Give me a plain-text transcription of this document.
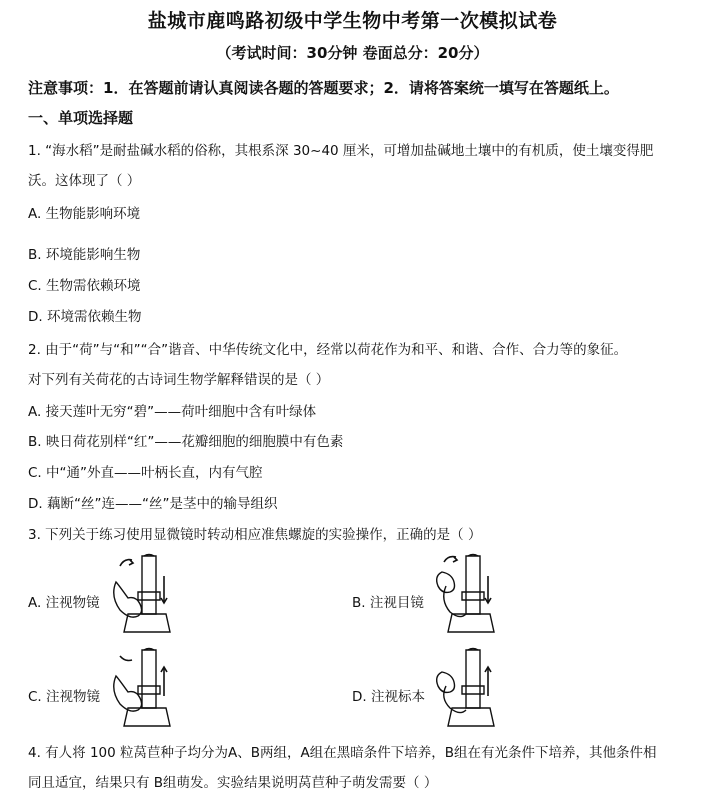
盐城市鹿鸣路初级中学生物中考第一次模拟试卷
（考试时间：30分钟 卷面总分：20分）
注意事项：1．在答题前请认真阅读各题的答题要求；2．请将答案统一填写在答题纸上。
一、单项选择题
1. “海水稻”是耐盐碱水稻的俗称，其根系深 30~40 厘米，可增加盐碱地土壤中的有机质，使土壤变得肥
沃。这体现了（ ）
A. 生物能影响环境
B. 环境能影响生物
C. 生物需依赖环境
D. 环境需依赖生物
2. 由于“荷”与“和”“合”谐音、中华传统文化中，经常以荷花作为和平、和谐、合作、合力等的象征。
对下列有关荷花的古诗词生物学解释错误的是（ ）
A. 接天莲叶无穷“碧”——荷叶细胞中含有叶绿体
B. 映日荷花别样“红”——花瓣细胞的细胞膜中有色素
C. 中“通”外直——叶柄长直，内有气腔
D. 藕断“丝”连——“丝”是茎中的输导组织
3. 下列关于练习使用显微镜时转动相应准焦螺旋的实验操作，正确的是（ ）
A. 注视物镜	B. 注视目镜
C. 注视物镜	D. 注视标本
4. 有人将 100 粒莴苣种子均分为A、B两组，A组在黑暗条件下培养，B组在有光条件下培养，其他条件相
同且适宜，结果只有 B组萌发。实验结果说明莴苣种子萌发需要（ ）
